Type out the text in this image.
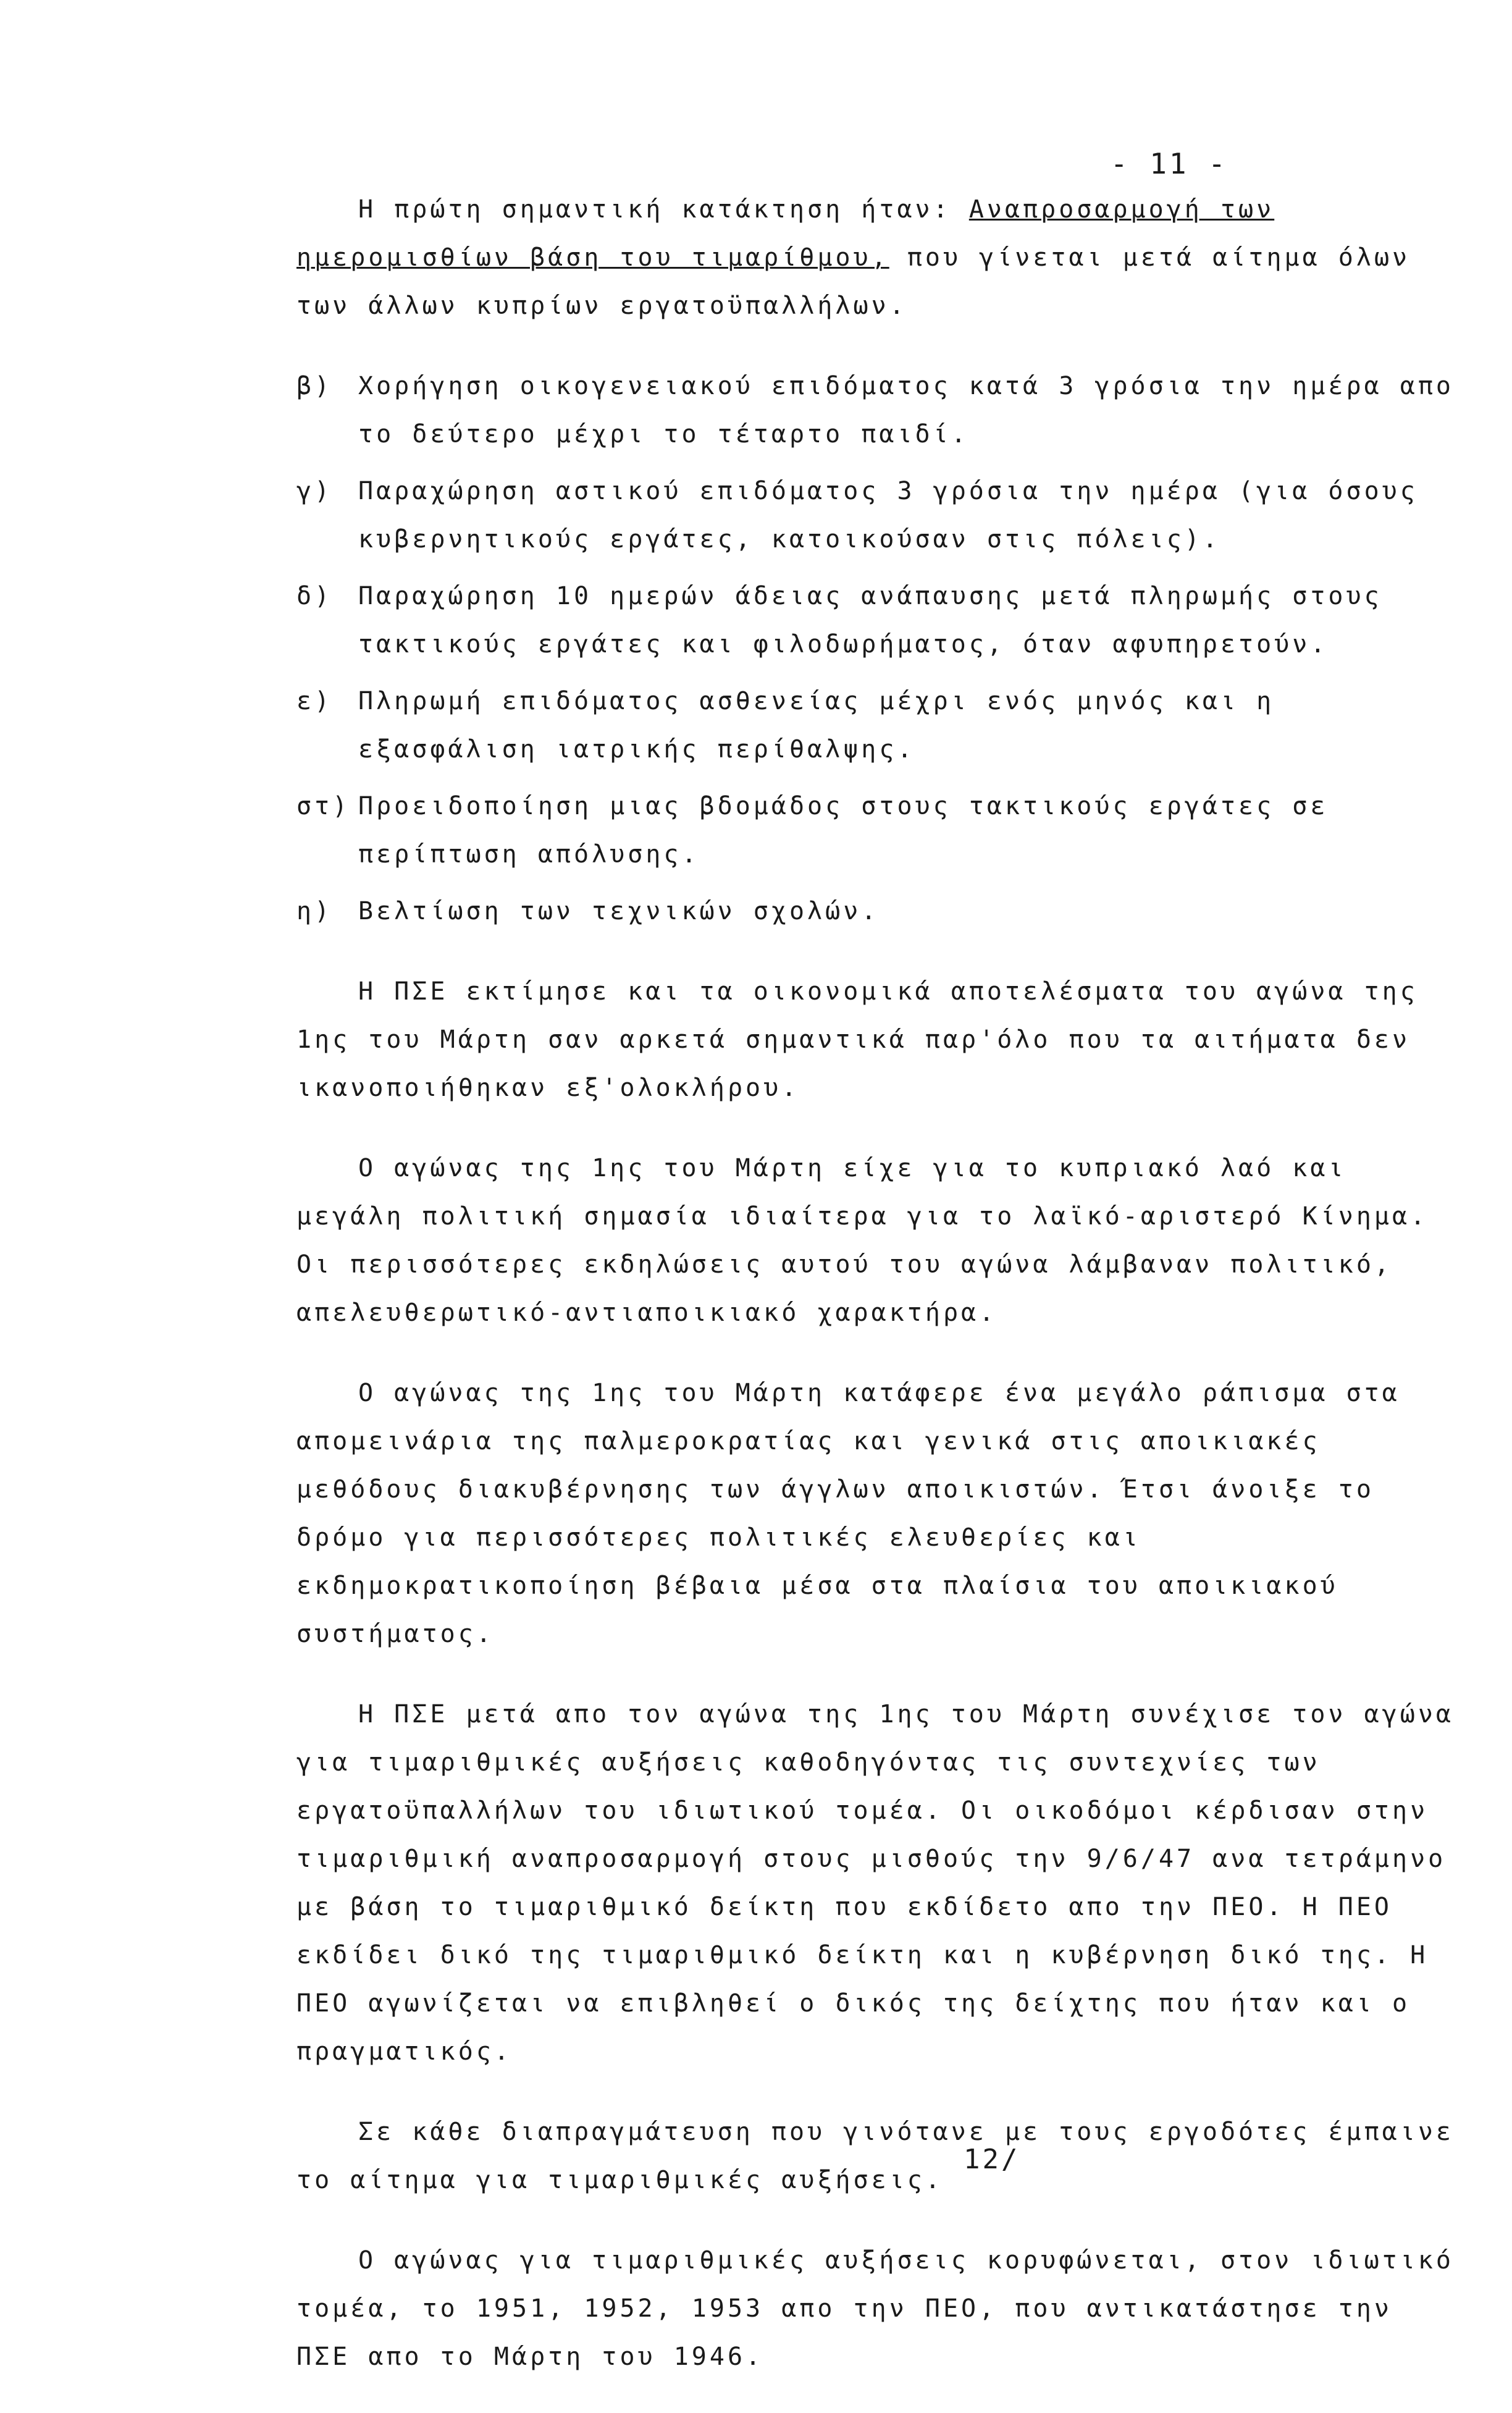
- 11 -

Η πρώτη σημαντική κατάκτηση ήταν: Αναπροσαρμογή των ημερομισθίων βάση του τιμαρίθμου, που γίνεται μετά αίτημα όλων των άλλων κυπρίων εργατοϋπαλλήλων.

β) Χορήγηση οικογενειακού επιδόματος κατά 3 γρόσια την ημέρα απο το δεύτερο μέχρι το τέταρτο παιδί.
γ) Παραχώρηση αστικού επιδόματος 3 γρόσια την ημέρα (για όσους κυβερνητικούς εργάτες, κατοικούσαν στις πόλεις).
δ) Παραχώρηση 10 ημερών άδειας ανάπαυσης μετά πληρωμής στους τακτικούς εργάτες και φιλοδωρήματος, όταν αφυπηρετούν.
ε) Πληρωμή επιδόματος ασθενείας μέχρι ενός μηνός και η εξασφάλιση ιατρικής περίθαλψης.
στ) Προειδοποίηση μιας βδομάδος στους τακτικούς εργάτες σε περίπτωση απόλυσης.
η) Βελτίωση των τεχνικών σχολών.

Η ΠΣΕ εκτίμησε και τα οικονομικά αποτελέσματα του αγώνα της 1ης του Μάρτη σαν αρκετά σημαντικά παρ'όλο που τα αιτήματα δεν ικανοποιήθηκαν εξ'ολοκλήρου.

Ο αγώνας της 1ης του Μάρτη είχε για το κυπριακό λαό και μεγάλη πολιτική σημασία ιδιαίτερα για το λαϊκό-αριστερό Κίνημα. Οι περισσότερες εκδηλώσεις αυτού του αγώνα λάμβαναν πολιτικό, απελευθερωτικό-αντιαποικιακό χαρακτήρα.

Ο αγώνας της 1ης του Μάρτη κατάφερε ένα μεγάλο ράπισμα στα απομεινάρια της παλμεροκρατίας και γενικά στις αποικιακές μεθόδους διακυβέρνησης των άγγλων αποικιστών. Έτσι άνοιξε το δρόμο για περισσότερες πολιτικές ελευθερίες και εκδημοκρατικοποίηση βέβαια μέσα στα πλαίσια του αποικιακού συστήματος.

Η ΠΣΕ μετά απο τον αγώνα της 1ης του Μάρτη συνέχισε τον αγώνα για τιμαριθμικές αυξήσεις καθοδηγόντας τις συντεχνίες των εργατοϋπαλλήλων του ιδιωτικού τομέα. Οι οικοδόμοι κέρδισαν στην τιμαριθμική αναπροσαρμογή στους μισθούς την 9/6/47 ανα τετράμηνο με βάση το τιμαριθμικό δείκτη που εκδίδετο απο την ΠΕΟ. Η ΠΕΟ εκδίδει δικό της τιμαριθμικό δείκτη και η κυβέρνηση δικό της. Η ΠΕΟ αγωνίζεται να επιβληθεί ο δικός της δείχτης που ήταν και ο πραγματικός.

Σε κάθε διαπραγμάτευση που γινότανε με τους εργοδότες έμπαινε το αίτημα για τιμαριθμικές αυξήσεις.

Ο αγώνας για τιμαριθμικές αυξήσεις κορυφώνεται, στον ιδιωτικό τομέα, το 1951, 1952, 1953 απο την ΠΕΟ, που αντικατάστησε την ΠΣΕ απο το Μάρτη του 1946.

12/
